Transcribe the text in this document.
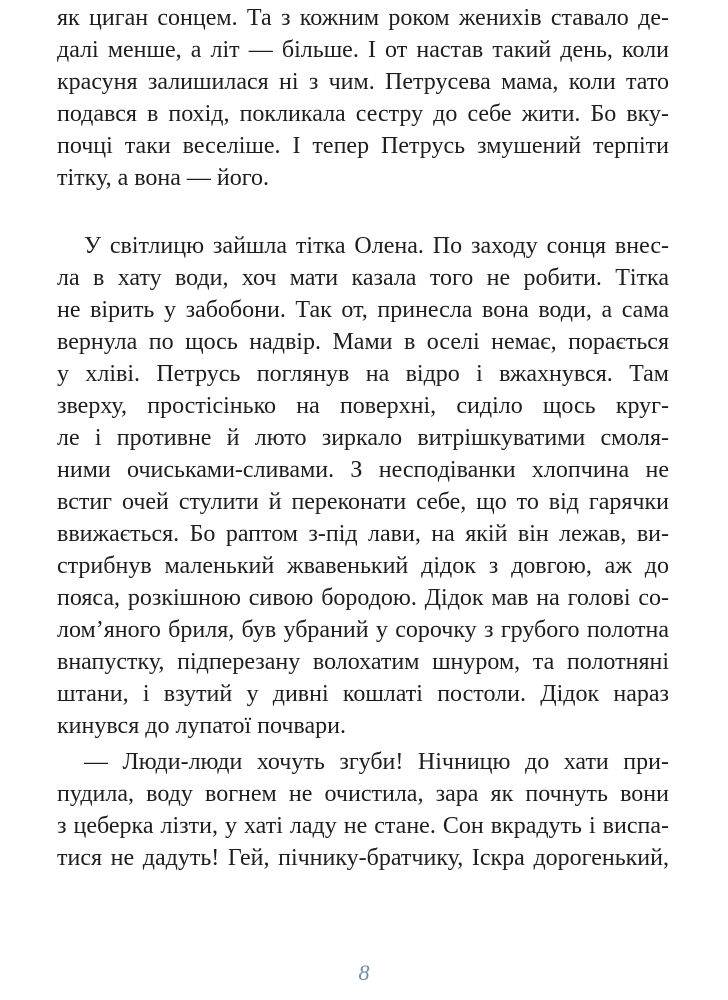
як циган сонцем. Та з кожним роком женихів ставало де-
далі менше, а літ — більше. І от настав такий день, коли
красуня залишилася ні з чим. Петрусева мама, коли тато
подався в похід, покликала сестру до себе жити. Бо вку-
почці таки веселіше. І тепер Петрусь змушений терпіти
тітку, а вона — його.
У світлицю зайшла тітка Олена. По заходу сонця внес-
ла в хату води, хоч мати казала того не робити. Тітка
не вірить у забобони. Так от, принесла вона води, а сама
вернула по щось надвір. Мами в оселі немає, порається
у хліві. Петрусь поглянув на відро і вжахнувся. Там
зверху, простісінько на поверхні, сиділо щось круг-
ле і противне й люто зиркало витрішкуватими смоля-
ними очиськами-сливами. З несподіванки хлопчина не
встиг очей стулити й переконати себе, що то від гарячки
ввижається. Бо раптом з-під лави, на якій він лежав, ви-
стрибнув маленький жвавенький дідок з довгою, аж до
пояса, розкішною сивою бородою. Дідок мав на голові со-
лом’яного бриля, був убраний у сорочку з грубого полотна
внапустку, підперезану волохатим шнуром, та полотняні
штани, і взутий у дивні кошлаті постоли. Дідок нараз
кинувся до лупатої почвари.
— Люди-люди хочуть згуби! Нічницю до хати при-
пудила, воду вогнем не очистила, зара як почнуть вони
з цеберка лізти, у хаті ладу не стане. Сон вкрадуть і виспа-
тися не дадуть! Гей, пічнику-братчику, Іскра дорогенький,
8
